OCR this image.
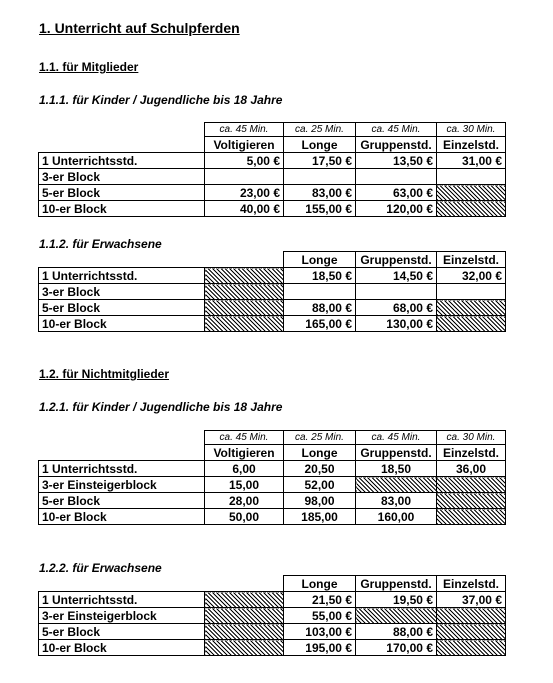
1. Unterricht auf Schulpferden
1.1. für Mitglieder
1.1.1. für Kinder / Jugendliche bis 18 Jahre
	ca. 45 Min.	ca. 25 Min.	ca. 45 Min.	ca. 30 Min.
	Voltigieren	Longe	Gruppenstd.	Einzelstd.
1 Unterrichtsstd.	5,00 €	17,50 €	13,50 €	31,00 €
3-er Block				
5-er Block	23,00 €	83,00 €	63,00 €	
10-er Block	40,00 €	155,00 €	120,00 €	
1.1.2. für Erwachsene
		Longe	Gruppenstd.	Einzelstd.
1 Unterrichtsstd.		18,50 €	14,50 €	32,00 €
3-er Block				
5-er Block		88,00 €	68,00 €	
10-er Block		165,00 €	130,00 €	
1.2. für Nichtmitglieder
1.2.1. für Kinder / Jugendliche bis 18 Jahre
	ca. 45 Min.	ca. 25 Min.	ca. 45 Min.	ca. 30 Min.
	Voltigieren	Longe	Gruppenstd.	Einzelstd.
1 Unterrichtsstd.	6,00	20,50	18,50	36,00
3-er Einsteigerblock	15,00	52,00		
5-er Block	28,00	98,00	83,00	
10-er Block	50,00	185,00	160,00	
1.2.2. für Erwachsene
		Longe	Gruppenstd.	Einzelstd.
1 Unterrichtsstd.		21,50 €	19,50 €	37,00 €
3-er Einsteigerblock		55,00 €		
5-er Block		103,00 €	88,00 €	
10-er Block		195,00 €	170,00 €	
